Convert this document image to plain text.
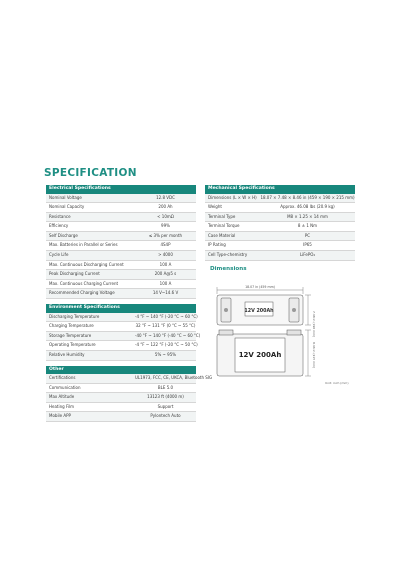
SPECIFICATION
Electrical Specifications
Nominal Voltage	12.8 VDC
Nominal Capacity	200 Ah
Resistance	< 10mΩ
Efficiency	99%
Self Discharge	≤ 3% per month
Max. Batteries in Parallel or Series	4S4P
Cycle Life	> 4000
Max. Continuous Discharging Current	100 A
Peak Discharging Current	200 A@5 s
Max. Continuous Charging Current	100 A
Recommended Charging Voltage	14 V~14.6 V
Environment Specifications
Discharging Temperature	-4 °F ~ 140 °F (-20 °C ~ 60 °C)
Charging Temperature	32 °F ~ 131 °F (0 °C ~ 55 °C)
Storage Temperature	-40 °F ~ 140 °F (-40 °C ~ 60 °C)
Operating Temperature	-4 °F ~ 122 °F (-20 °C ~ 50 °C)
Relative Humidity	5% ~ 95%
Other
Certifications	UL1973, FCC, CE, UKCA, Bluetooth SIG
Communication	BLE 5.0
Max Altitude	13123 ft (4000 m)
Heating Film	Support
Mobile APP	Pylontech Auto
Mechanical Specifications
Dimensions (L × W × H) 18.07 × 7.48 × 8.46 in (459 × 190 × 215 mm)
Weight	Approx. 46.08 lbs (20.9 kg)
Terminal Type	M8 × 1.25 × 14 mm
Terminal Torque	8 ± 1 Nm
Case Material	PC
IP Rating	IP65
Cell Type-chemistry	LiFePO₄
Dimensions
18.07 in (459 mm)
12V 200Ah	7.48 in (190 mm)
12V 200Ah	8.46 in (215 mm)
Unit: inch (mm)
